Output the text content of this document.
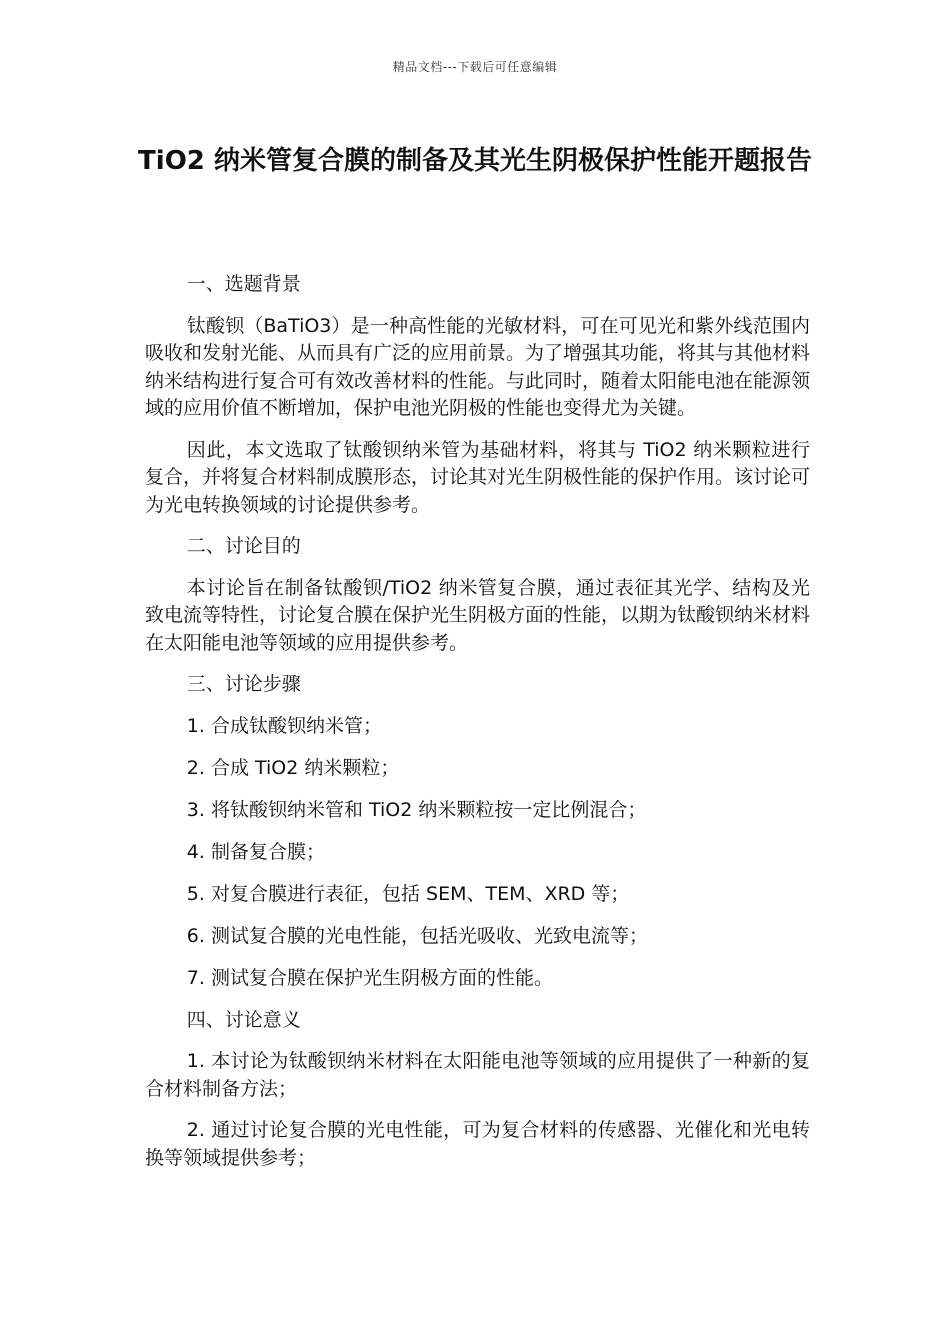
精品文档---下载后可任意编辑
TiO2 纳米管复合膜的制备及其光生阴极保护性能开题报告

一、选题背景

钛酸钡（BaTiO3）是一种高性能的光敏材料，可在可见光和紫外线范围内吸收和发射光能、从而具有广泛的应用前景。为了增强其功能，将其与其他材料纳米结构进行复合可有效改善材料的性能。与此同时，随着太阳能电池在能源领域的应用价值不断增加，保护电池光阴极的性能也变得尤为关键。

因此，本文选取了钛酸钡纳米管为基础材料，将其与 TiO2 纳米颗粒进行复合，并将复合材料制成膜形态，讨论其对光生阴极性能的保护作用。该讨论可为光电转换领域的讨论提供参考。

二、讨论目的

本讨论旨在制备钛酸钡/TiO2 纳米管复合膜，通过表征其光学、结构及光致电流等特性，讨论复合膜在保护光生阴极方面的性能，以期为钛酸钡纳米材料在太阳能电池等领域的应用提供参考。

三、讨论步骤

1. 合成钛酸钡纳米管；

2. 合成 TiO2 纳米颗粒；

3. 将钛酸钡纳米管和 TiO2 纳米颗粒按一定比例混合；

4. 制备复合膜；

5. 对复合膜进行表征，包括 SEM、TEM、XRD 等；

6. 测试复合膜的光电性能，包括光吸收、光致电流等；

7. 测试复合膜在保护光生阴极方面的性能。

四、讨论意义

1. 本讨论为钛酸钡纳米材料在太阳能电池等领域的应用提供了一种新的复合材料制备方法；

2. 通过讨论复合膜的光电性能，可为复合材料的传感器、光催化和光电转换等领域提供参考；
